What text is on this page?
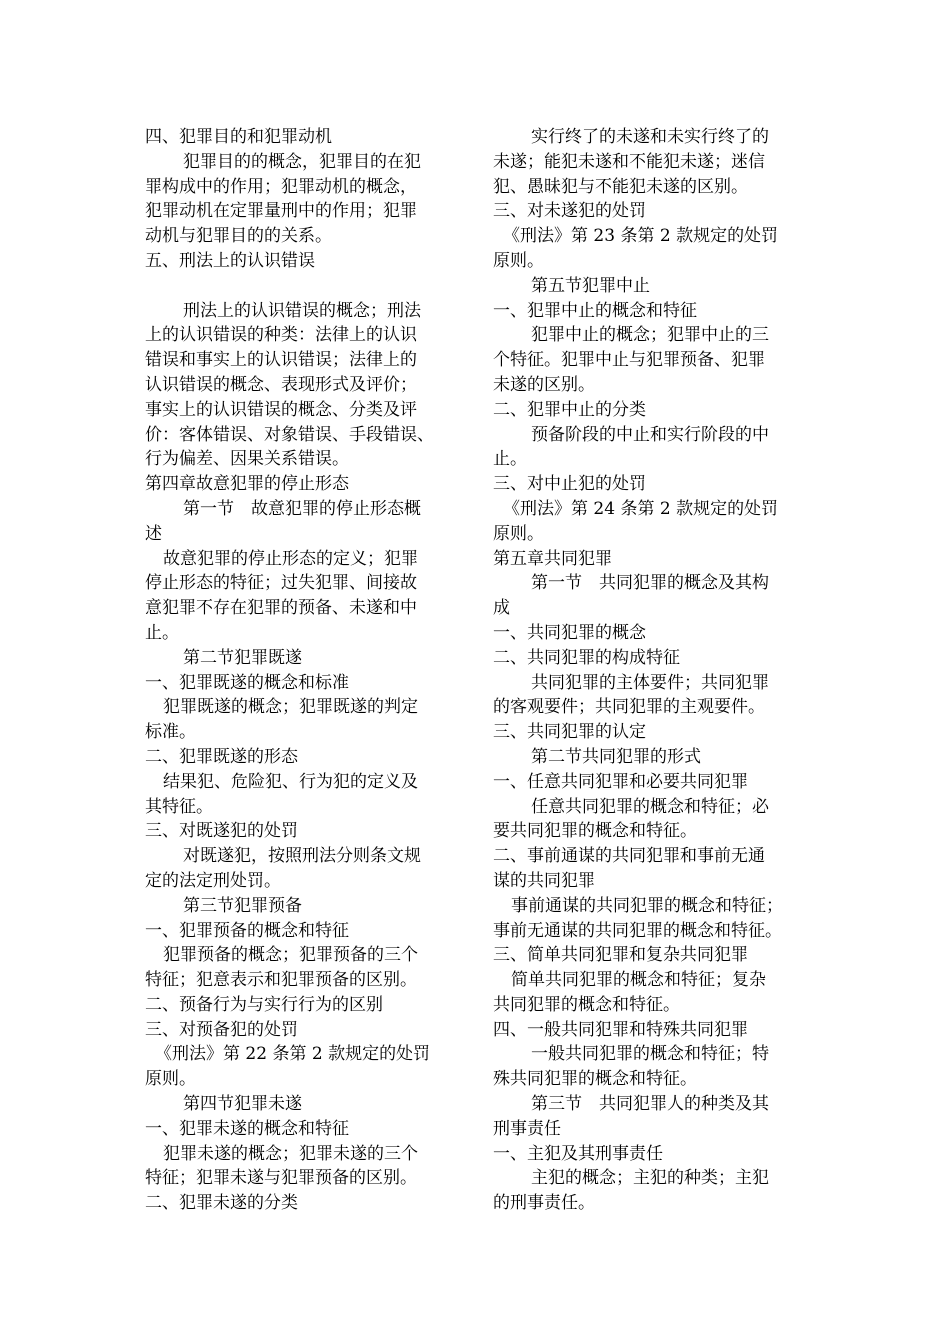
四、犯罪目的和犯罪动机
犯罪目的的概念，犯罪目的在犯
罪构成中的作用；犯罪动机的概念，
犯罪动机在定罪量刑中的作用；犯罪
动机与犯罪目的的关系。
五、刑法上的认识错误
刑法上的认识错误的概念；刑法
上的认识错误的种类：法律上的认识
错误和事实上的认识错误；法律上的
认识错误的概念、表现形式及评价；
事实上的认识错误的概念、分类及评
价：客体错误、对象错误、手段错误、
行为偏差、因果关系错误。
第四章故意犯罪的停止形态
第一节　故意犯罪的停止形态概
述
故意犯罪的停止形态的定义；犯罪
停止形态的特征；过失犯罪、间接故
意犯罪不存在犯罪的预备、未遂和中
止。
第二节犯罪既遂
一、犯罪既遂的概念和标准
犯罪既遂的概念；犯罪既遂的判定
标准。
二、犯罪既遂的形态
结果犯、危险犯、行为犯的定义及
其特征。
三、对既遂犯的处罚
对既遂犯，按照刑法分则条文规
定的法定刑处罚。
第三节犯罪预备
一、犯罪预备的概念和特征
犯罪预备的概念；犯罪预备的三个
特征；犯意表示和犯罪预备的区别。
二、预备行为与实行行为的区别
三、对预备犯的处罚
《刑法》第 22 条第 2 款规定的处罚
原则。
第四节犯罪未遂
一、犯罪未遂的概念和特征
犯罪未遂的概念；犯罪未遂的三个
特征；犯罪未遂与犯罪预备的区别。
二、犯罪未遂的分类
实行终了的未遂和未实行终了的
未遂；能犯未遂和不能犯未遂；迷信
犯、愚昧犯与不能犯未遂的区别。
三、对未遂犯的处罚
《刑法》第 23 条第 2 款规定的处罚
原则。
第五节犯罪中止
一、犯罪中止的概念和特征
犯罪中止的概念；犯罪中止的三
个特征。犯罪中止与犯罪预备、犯罪
未遂的区别。
二、犯罪中止的分类
预备阶段的中止和实行阶段的中
止。
三、对中止犯的处罚
《刑法》第 24 条第 2 款规定的处罚
原则。
第五章共同犯罪
第一节　共同犯罪的概念及其构
成
一、共同犯罪的概念
二、共同犯罪的构成特征
共同犯罪的主体要件；共同犯罪
的客观要件；共同犯罪的主观要件。
三、共同犯罪的认定
第二节共同犯罪的形式
一、任意共同犯罪和必要共同犯罪
任意共同犯罪的概念和特征；必
要共同犯罪的概念和特征。
二、事前通谋的共同犯罪和事前无通
谋的共同犯罪
事前通谋的共同犯罪的概念和特征；
事前无通谋的共同犯罪的概念和特征。
三、简单共同犯罪和复杂共同犯罪
简单共同犯罪的概念和特征；复杂
共同犯罪的概念和特征。
四、一般共同犯罪和特殊共同犯罪
一般共同犯罪的概念和特征；特
殊共同犯罪的概念和特征。
第三节　共同犯罪人的种类及其
刑事责任
一、主犯及其刑事责任
主犯的概念；主犯的种类；主犯
的刑事责任。
